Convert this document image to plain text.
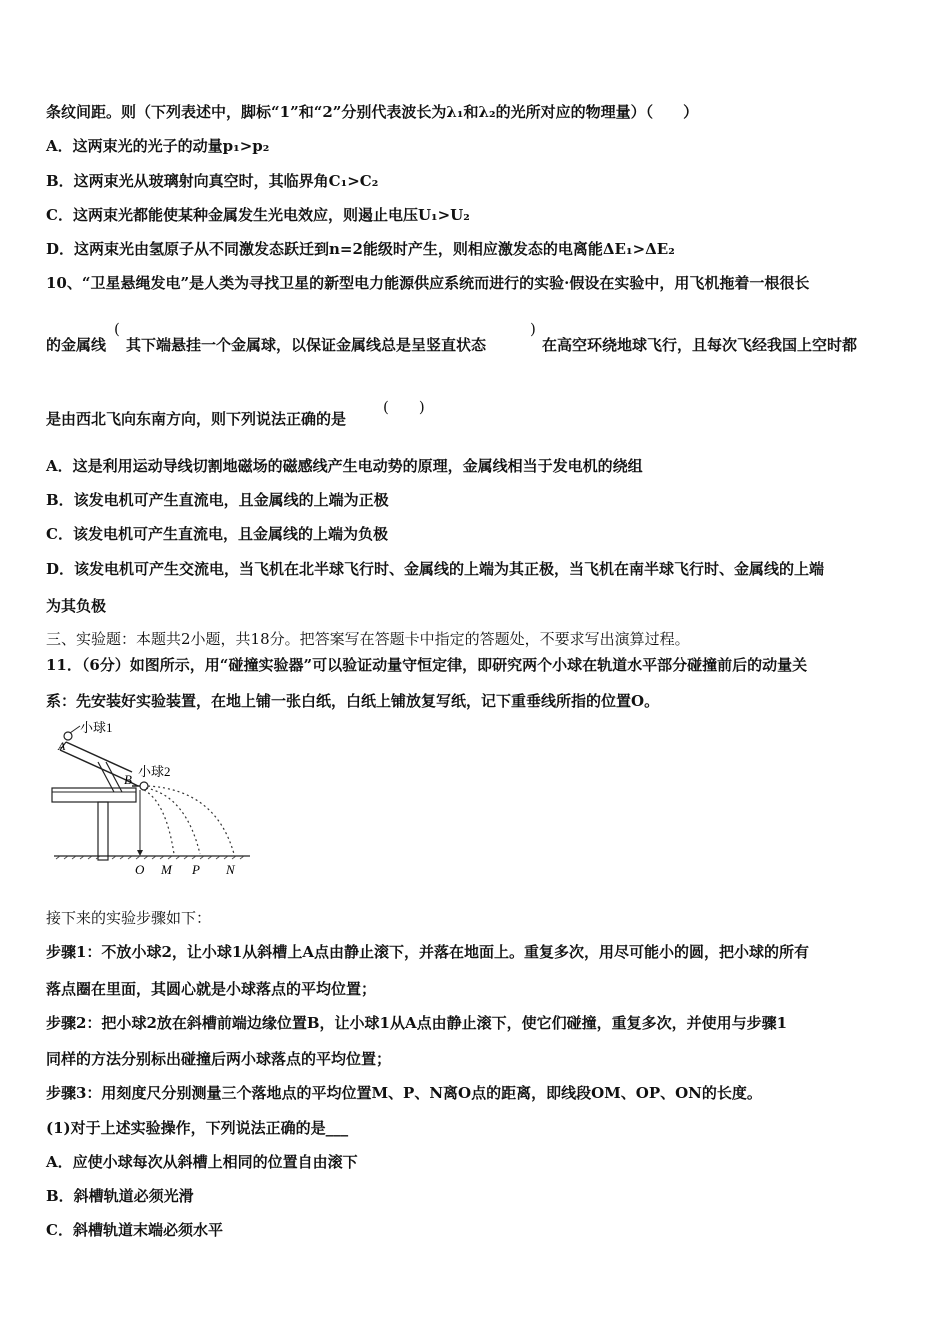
条纹间距。则（下列表述中，脚标“1”和“2”分别代表波长为λ₁和λ₂的光所对应的物理量）（　　）
A．这两束光的光子的动量p₁>p₂
B．这两束光从玻璃射向真空时，其临界角C₁>C₂
C．这两束光都能使某种金属发生光电效应，则遏止电压U₁>U₂
D．这两束光由氢原子从不同激发态跃迁到n=2能级时产生，则相应激发态的电离能ΔE₁>ΔE₂
10、“卫星悬绳发电”是人类为寻找卫星的新型电力能源供应系统而进行的实验·假设在实验中，用飞机拖着一根很长
的金属线
(
其下端悬挂一个金属球，以保证金属线总是呈竖直状态
)
在高空环绕地球飞行，且每次飞经我国上空时都
是由西北飞向东南方向，则下列说法正确的是
(　　)
A．这是利用运动导线切割地磁场的磁感线产生电动势的原理，金属线相当于发电机的绕组
B．该发电机可产生直流电，且金属线的上端为正极
C．该发电机可产生直流电，且金属线的上端为负极
D．该发电机可产生交流电，当飞机在北半球飞行时、金属线的上端为其正极，当飞机在南半球飞行时、金属线的上端
为其负极
三、实验题：本题共2小题，共18分。把答案写在答题卡中指定的答题处，不要求写出演算过程。
11．（6分）如图所示，用“碰撞实验器”可以验证动量守恒定律，即研究两个小球在轨道水平部分碰撞前后的动量关
系：先安装好实验装置，在地上铺一张白纸，白纸上铺放复写纸，记下重垂线所指的位置O。
小球1
A
小球2
B
O M P N
接下来的实验步骤如下：
步骤1：不放小球2，让小球1从斜槽上A点由静止滚下，并落在地面上。重复多次，用尽可能小的圆，把小球的所有
落点圈在里面，其圆心就是小球落点的平均位置；
步骤2：把小球2放在斜槽前端边缘位置B，让小球1从A点由静止滚下，使它们碰撞，重复多次，并使用与步骤1
同样的方法分别标出碰撞后两小球落点的平均位置；
步骤3：用刻度尺分别测量三个落地点的平均位置M、P、N离O点的距离，即线段OM、OP、ON的长度。
(1)对于上述实验操作，下列说法正确的是___
A．应使小球每次从斜槽上相同的位置自由滚下
B．斜槽轨道必须光滑
C．斜槽轨道末端必须水平
